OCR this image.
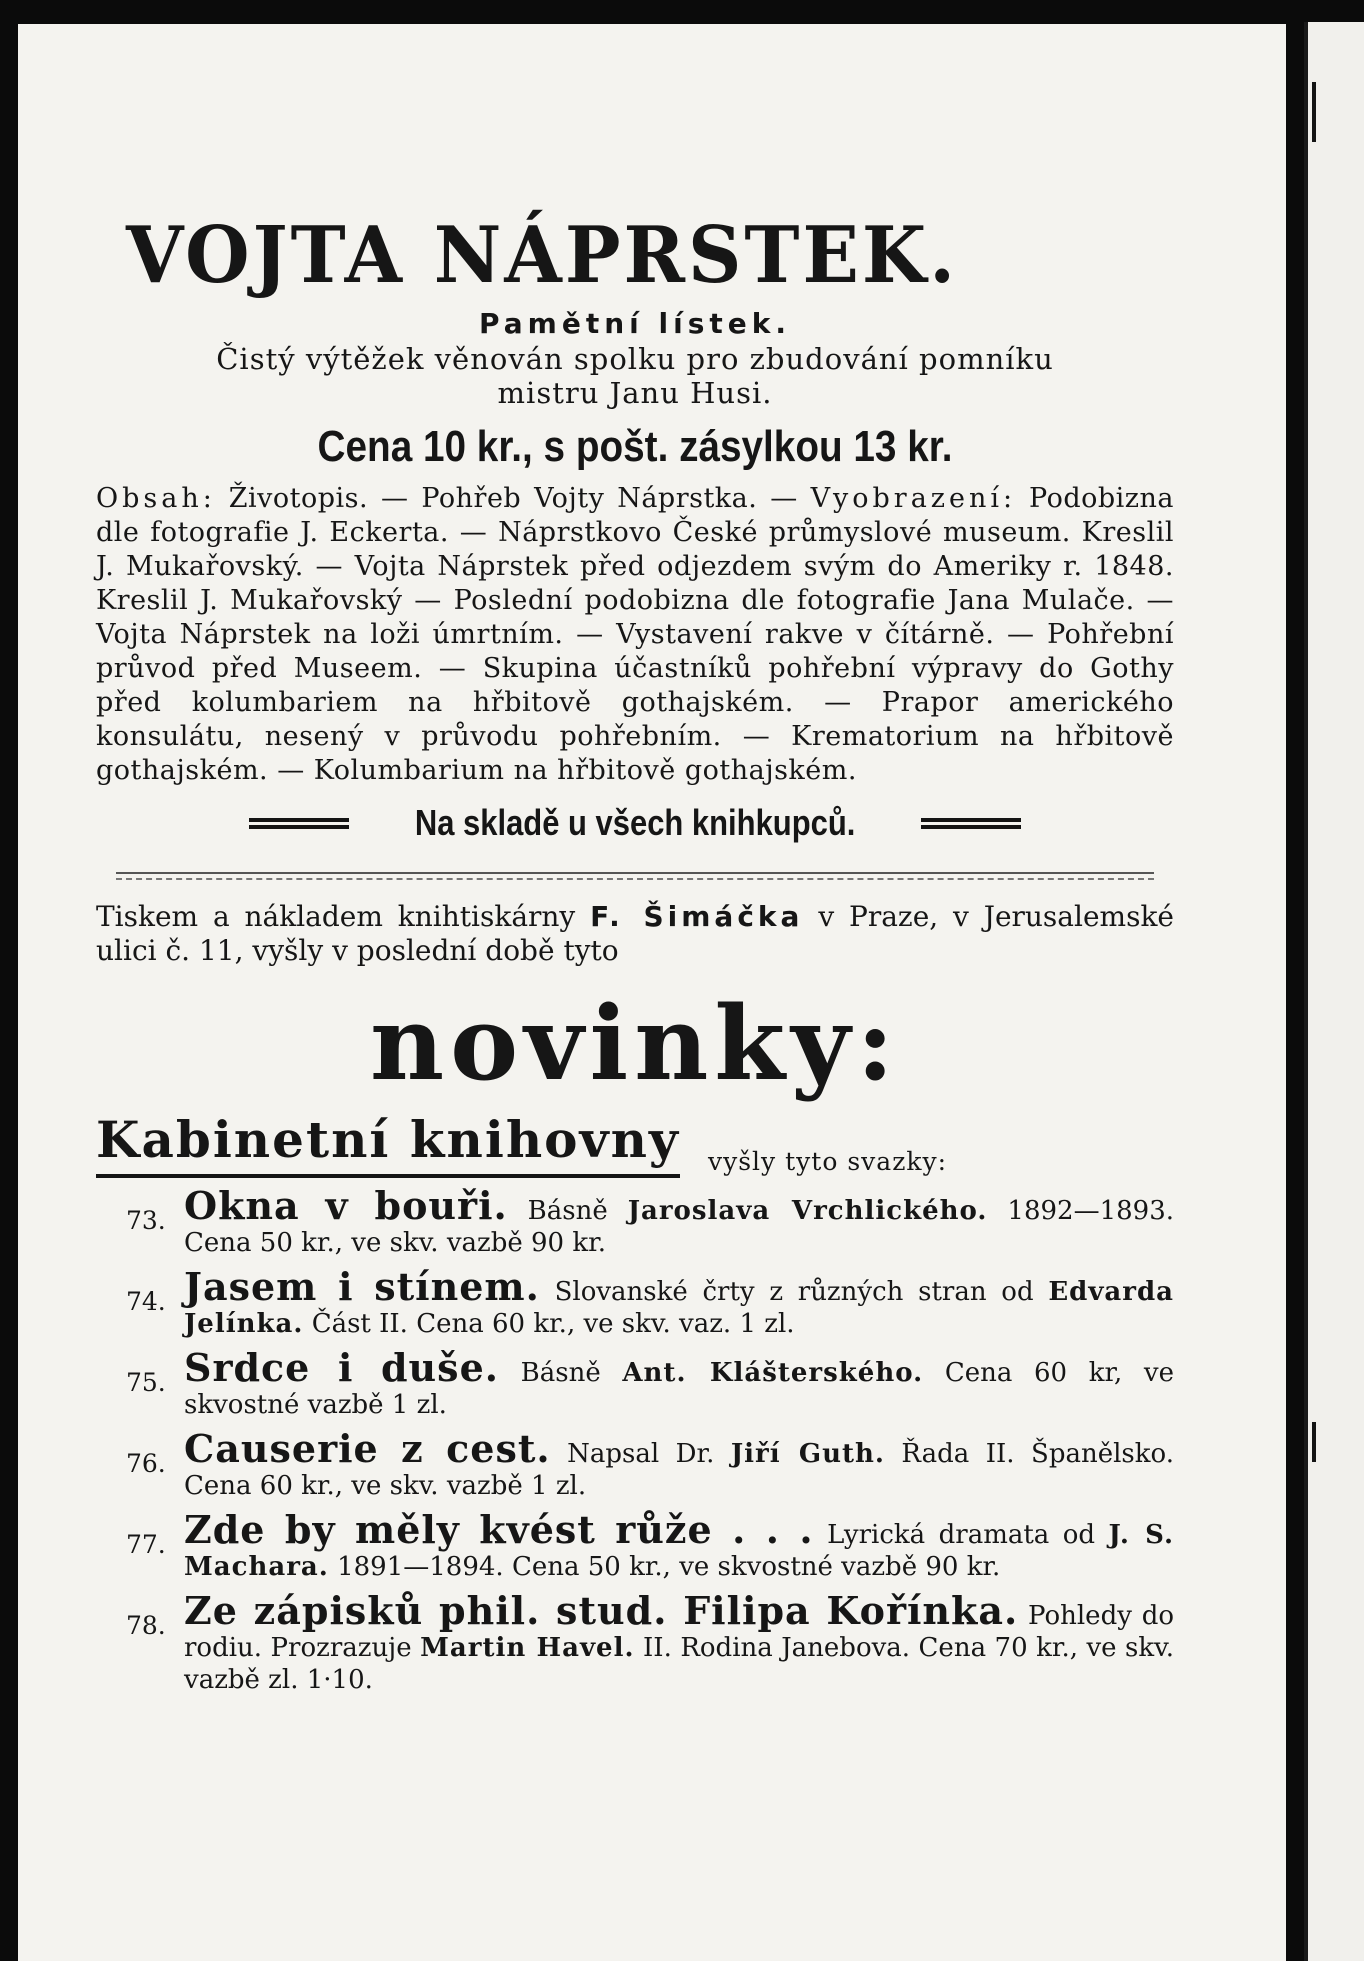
VOJTA NÁPRSTEK.
Pamětní lístek.
Čistý výtěžek věnován spolku pro zbudování pomníku
mistru Janu Husi.
Cena 10 kr., s pošt. zásylkou 13 kr.
Obsah: Životopis. — Pohřeb Vojty Náprstka. — Vyobrazení: Podobizna dle fotografie J. Eckerta. — Náprstkovo České průmyslové museum. Kreslil J. Mukařovský. — Vojta Náprstek před odjezdem svým do Ameriky r. 1848. Kreslil J. Mukařovský — Poslední podobizna dle fotografie Jana Mulače. — Vojta Náprstek na loži úmrtním. — Vystavení rakve v čítárně. — Pohřební průvod před Museem. — Skupina účastníků pohřební výpravy do Gothy před kolumbariem na hřbitově gothajském. — Prapor amerického konsulátu, nesený v průvodu pohřebním. — Krematorium na hřbitově gothajském. — Kolumbarium na hřbitově gothajském.
Na skladě u všech knihkupců.
Tiskem a nákladem knihtiskárny F. Šimáčka v Praze, v Jerusalemské ulici č. 11, vyšly v poslední době tyto
novinky:
Kabinetní knihovny vyšly tyto svazky:
73. Okna v bouři. Básně Jaroslava Vrchlického. 1892—1893. Cena 50 kr., ve skv. vazbě 90 kr.
74. Jasem i stínem. Slovanské črty z různých stran od Edvarda Jelínka. Část II. Cena 60 kr., ve skv. vaz. 1 zl.
75. Srdce i duše. Básně Ant. Klášterského. Cena 60 kr, ve skvostné vazbě 1 zl.
76. Causerie z cest. Napsal Dr. Jiří Guth. Řada II. Španělsko. Cena 60 kr., ve skv. vazbě 1 zl.
77. Zde by měly kvést růže . . . Lyrická dramata od J. S. Machara. 1891—1894. Cena 50 kr., ve skvostné vazbě 90 kr.
78. Ze zápisků phil. stud. Filipa Kořínka. Pohledy do rodiu. Prozrazuje Martin Havel. II. Rodina Janebova. Cena 70 kr., ve skv. vazbě zl. 1·10.
